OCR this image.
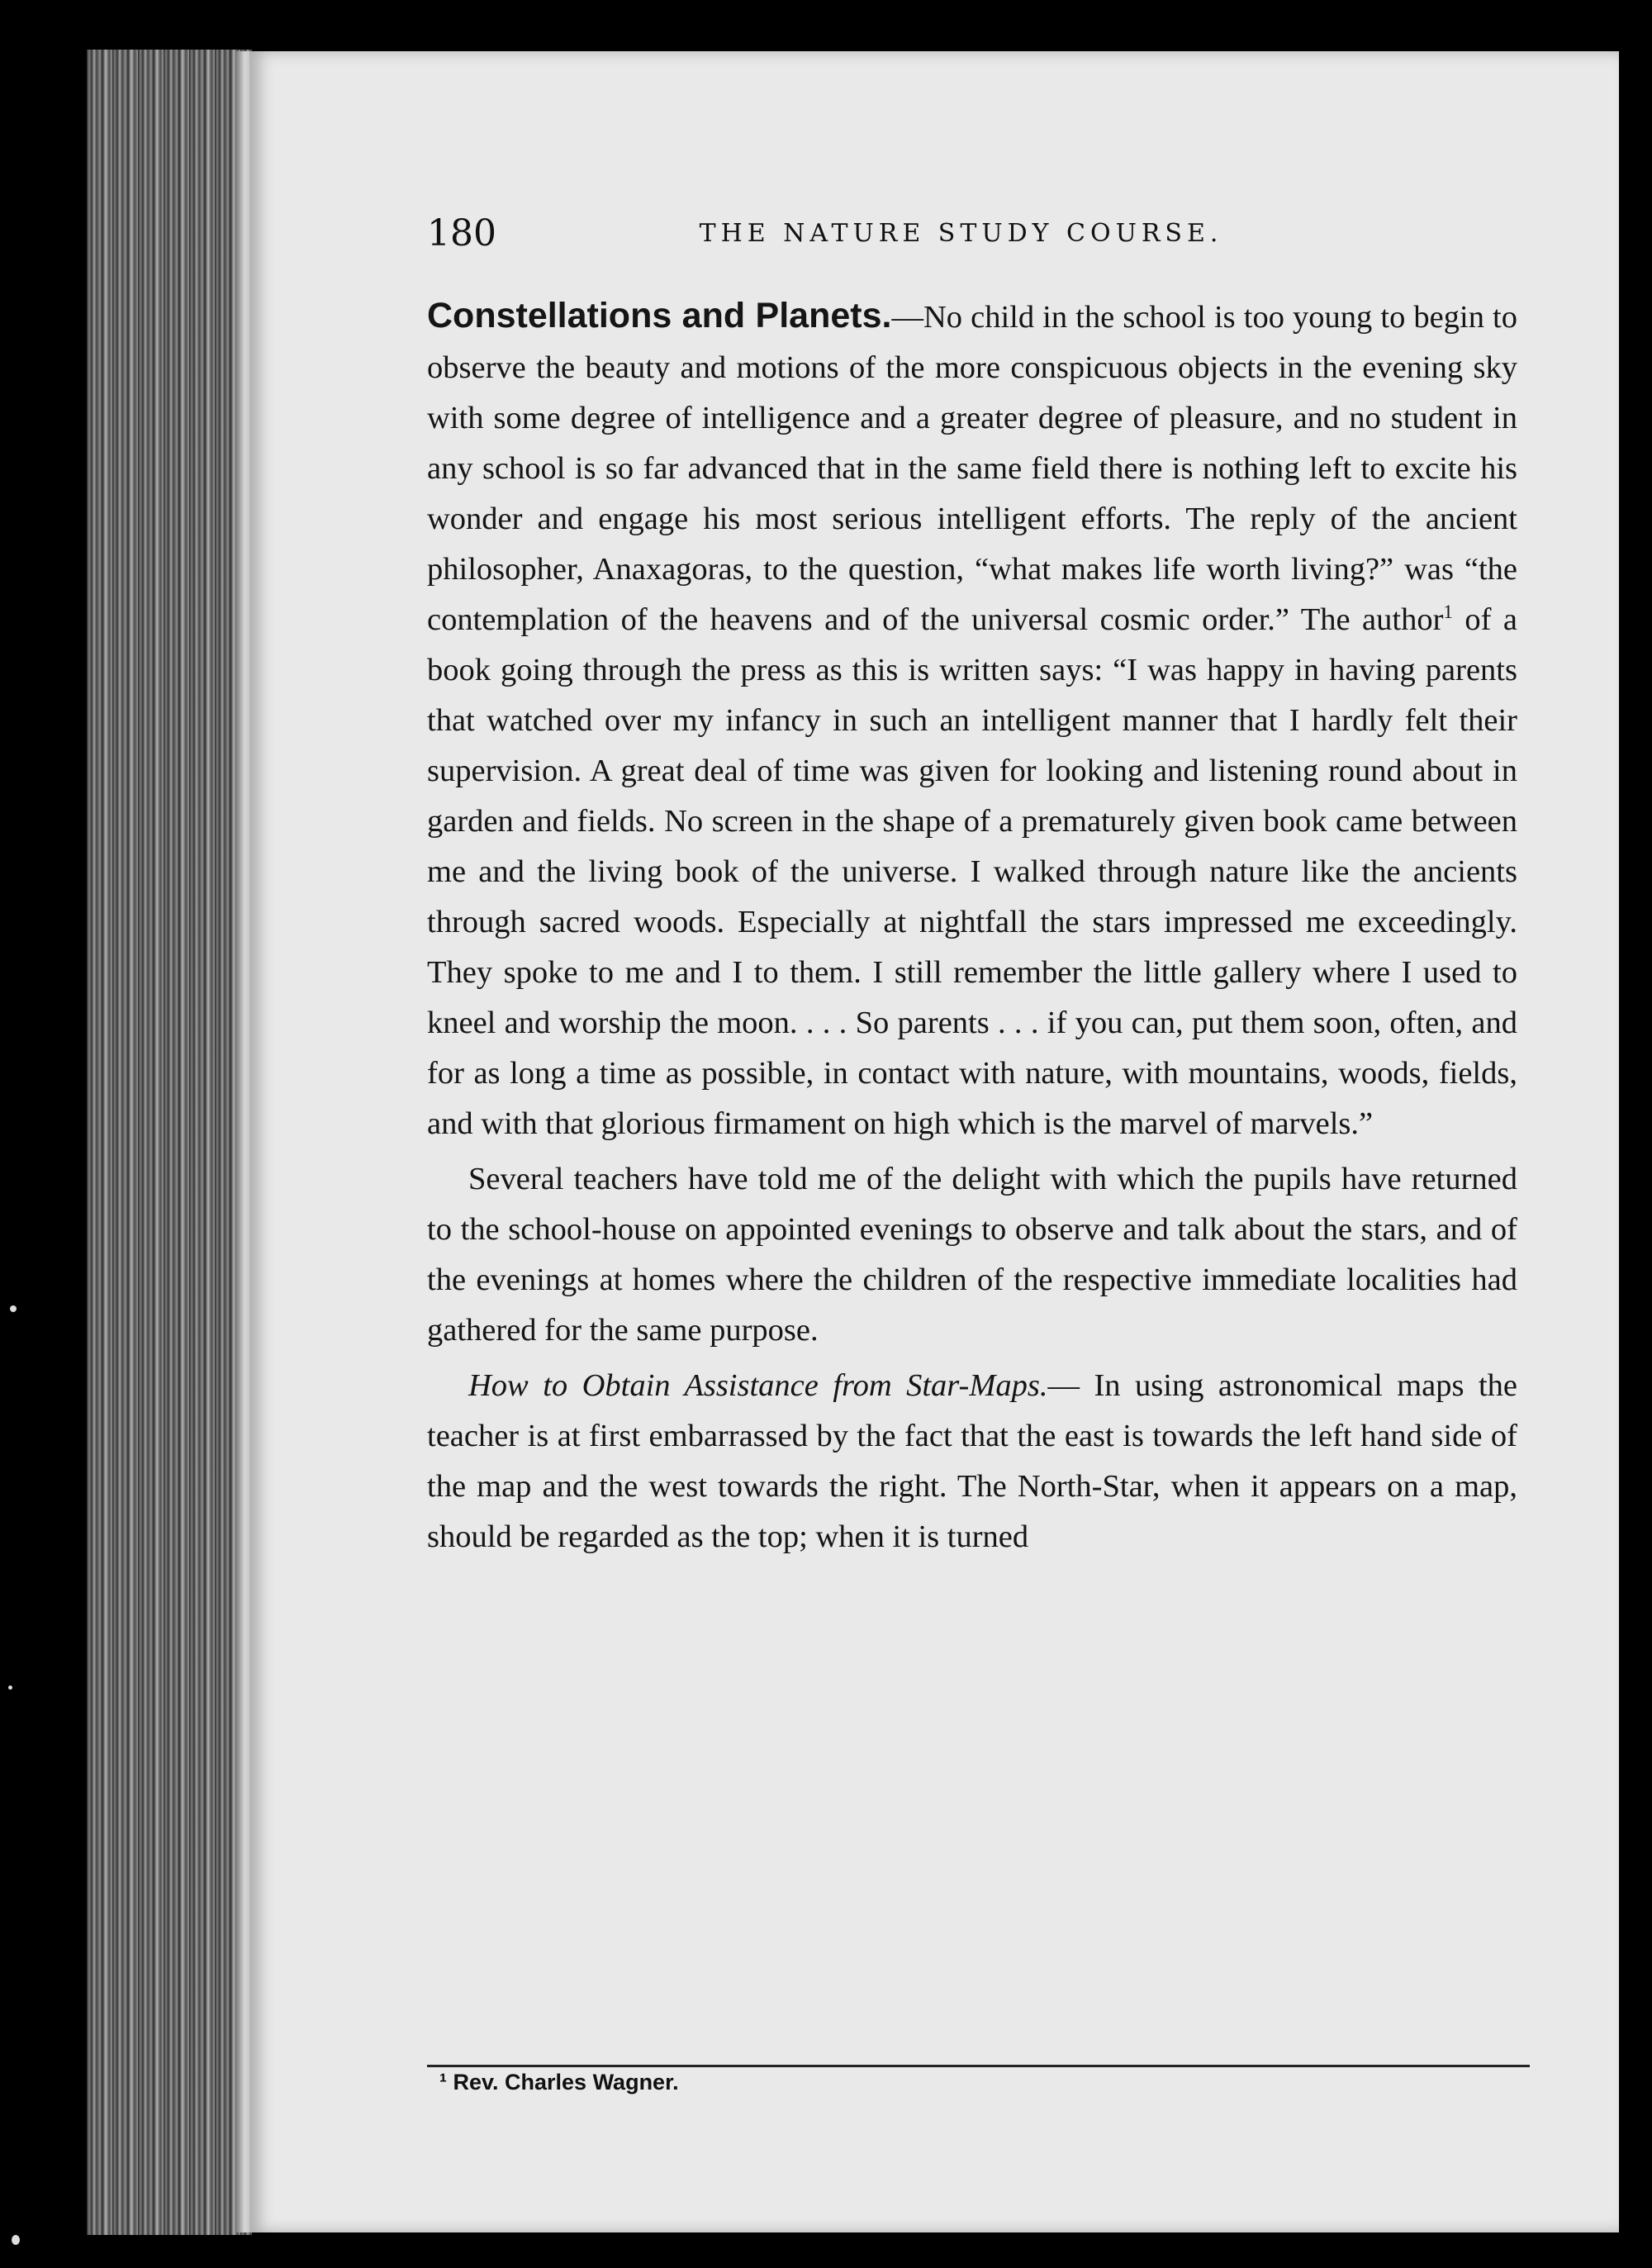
180	THE NATURE STUDY COURSE.

Constellations and Planets.—No child in the school is too young to begin to observe the beauty and motions of the more conspicuous objects in the evening sky with some degree of intelligence and a greater degree of pleasure, and no student in any school is so far advanced that in the same field there is nothing left to excite his wonder and engage his most serious intelligent efforts. The reply of the ancient philosopher, Anaxagoras, to the question, “what makes life worth living?” was “the contemplation of the heavens and of the universal cosmic order.” The author$^1$ of a book going through the press as this is written says: “I was happy in having parents that watched over my infancy in such an intelligent manner that I hardly felt their supervision. A great deal of time was given for looking and listening round about in garden and fields. No screen in the shape of a prematurely given book came between me and the living book of the universe. I walked through nature like the ancients through sacred woods. Especially at nightfall the stars impressed me exceedingly. They spoke to me and I to them. I still remember the little gallery where I used to kneel and worship the moon. . . . So parents . . . if you can, put them soon, often, and for as long a time as possible, in contact with nature, with mountains, woods, fields, and with that glorious firmament on high which is the marvel of marvels.”

Several teachers have told me of the delight with which the pupils have returned to the school-house on appointed evenings to observe and talk about the stars, and of the evenings at homes where the children of the respective immediate localities had gathered for the same purpose.

How to Obtain Assistance from Star-Maps.— In using astronomical maps the teacher is at first embarrassed by the fact that the east is towards the left hand side of the map and the west towards the right. The North-Star, when it appears on a map, should be regarded as the top; when it is turned

¹ Rev. Charles Wagner.
